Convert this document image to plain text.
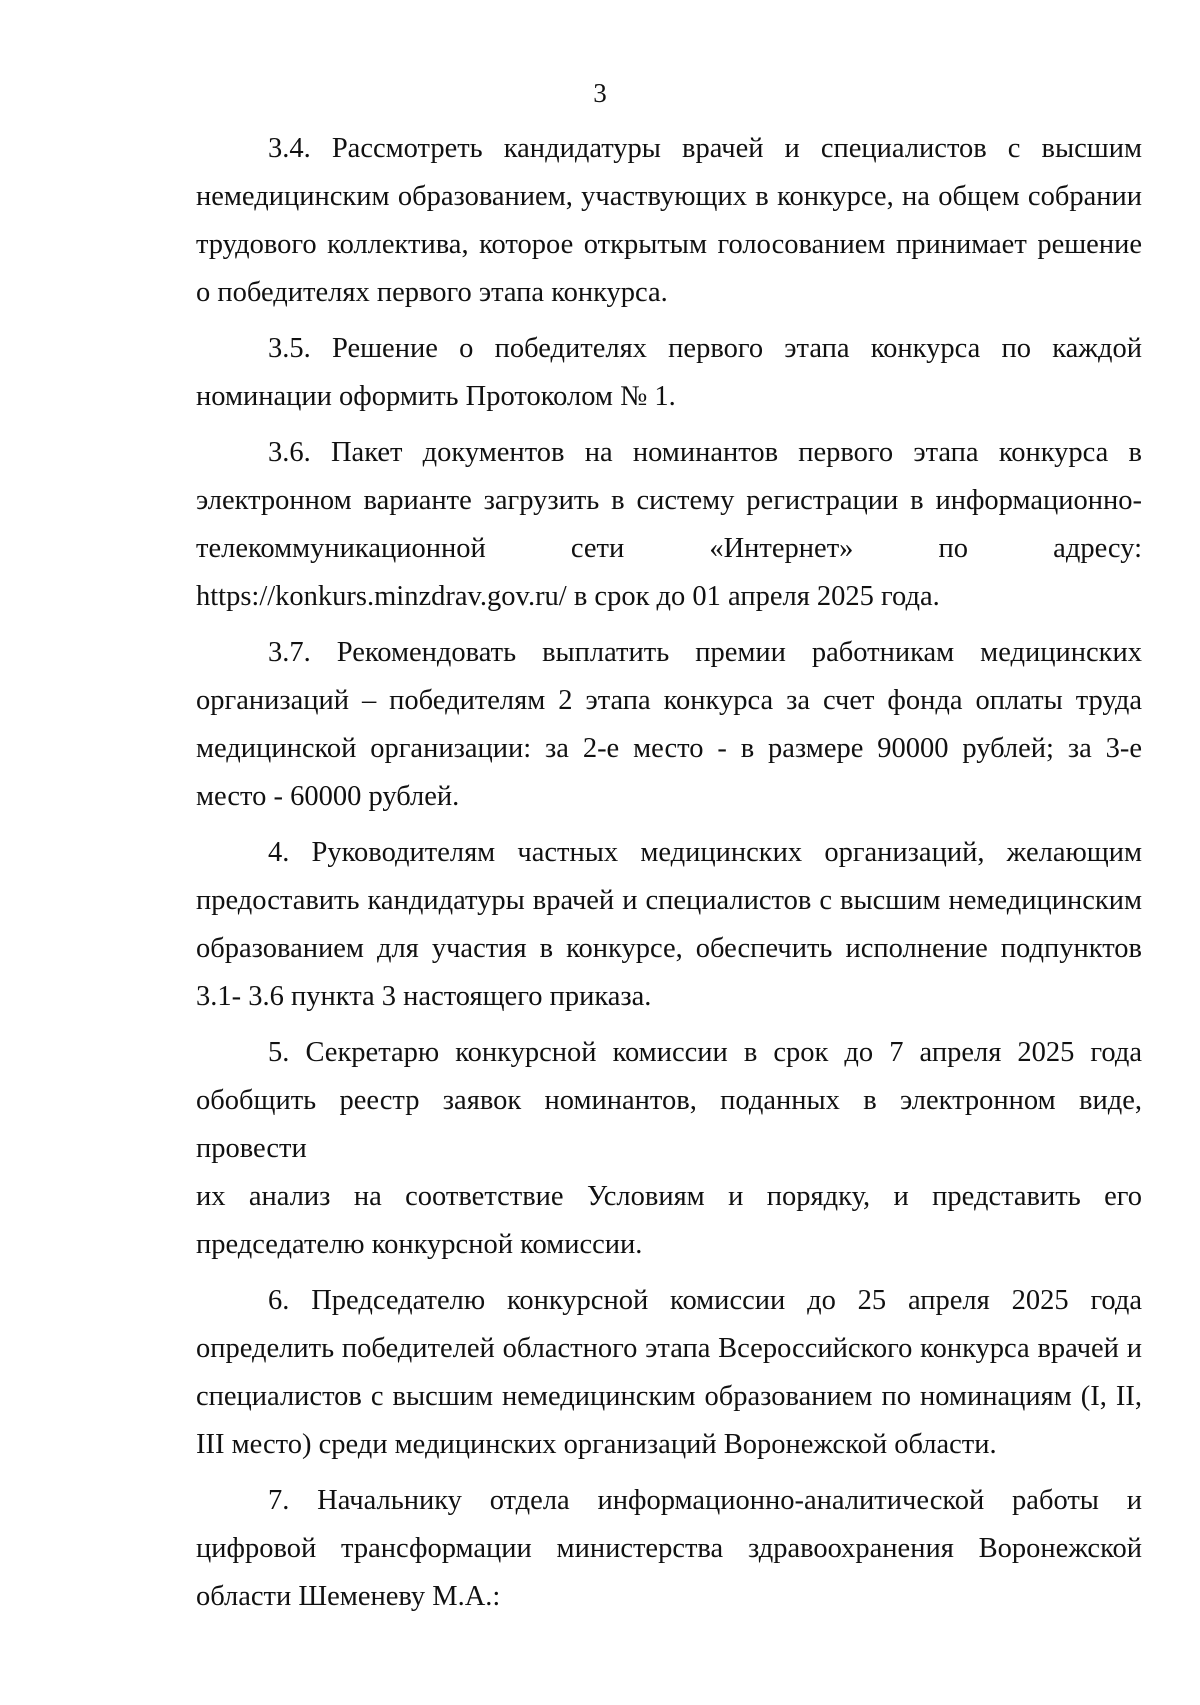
3
3.4. Рассмотреть кандидатуры врачей и специалистов с высшим
немедицинским образованием, участвующих в конкурсе, на общем собрании
трудового коллектива, которое открытым голосованием принимает решение
о победителях первого этапа конкурса.
3.5. Решение о победителях первого этапа конкурса по каждой
номинации оформить Протоколом № 1.
3.6. Пакет документов на номинантов первого этапа конкурса в
электронном варианте загрузить в систему регистрации в информационно-
телекоммуникационной сети «Интернет» по адресу:
https://konkurs.minzdrav.gov.ru/ в срок до 01 апреля 2025 года.
3.7. Рекомендовать выплатить премии работникам медицинских
организаций – победителям 2 этапа конкурса за счет фонда оплаты труда
медицинской организации: за 2-е место - в размере 90000 рублей; за 3-е
место - 60000 рублей.
4. Руководителям частных медицинских организаций, желающим
предоставить кандидатуры врачей и специалистов с высшим немедицинским
образованием для участия в конкурсе, обеспечить исполнение подпунктов
3.1- 3.6 пункта 3 настоящего приказа.
5. Секретарю конкурсной комиссии в срок до 7 апреля 2025 года
обобщить реестр заявок номинантов, поданных в электронном виде, провести
их анализ на соответствие Условиям и порядку, и представить его
председателю конкурсной комиссии.
6. Председателю конкурсной комиссии до 25 апреля 2025 года
определить победителей областного этапа Всероссийского конкурса врачей и
специалистов с высшим немедицинским образованием по номинациям (I, II,
III место) среди медицинских организаций Воронежской области.
7. Начальнику отдела информационно-аналитической работы и
цифровой трансформации министерства здравоохранения Воронежской
области Шеменеву М.А.:
